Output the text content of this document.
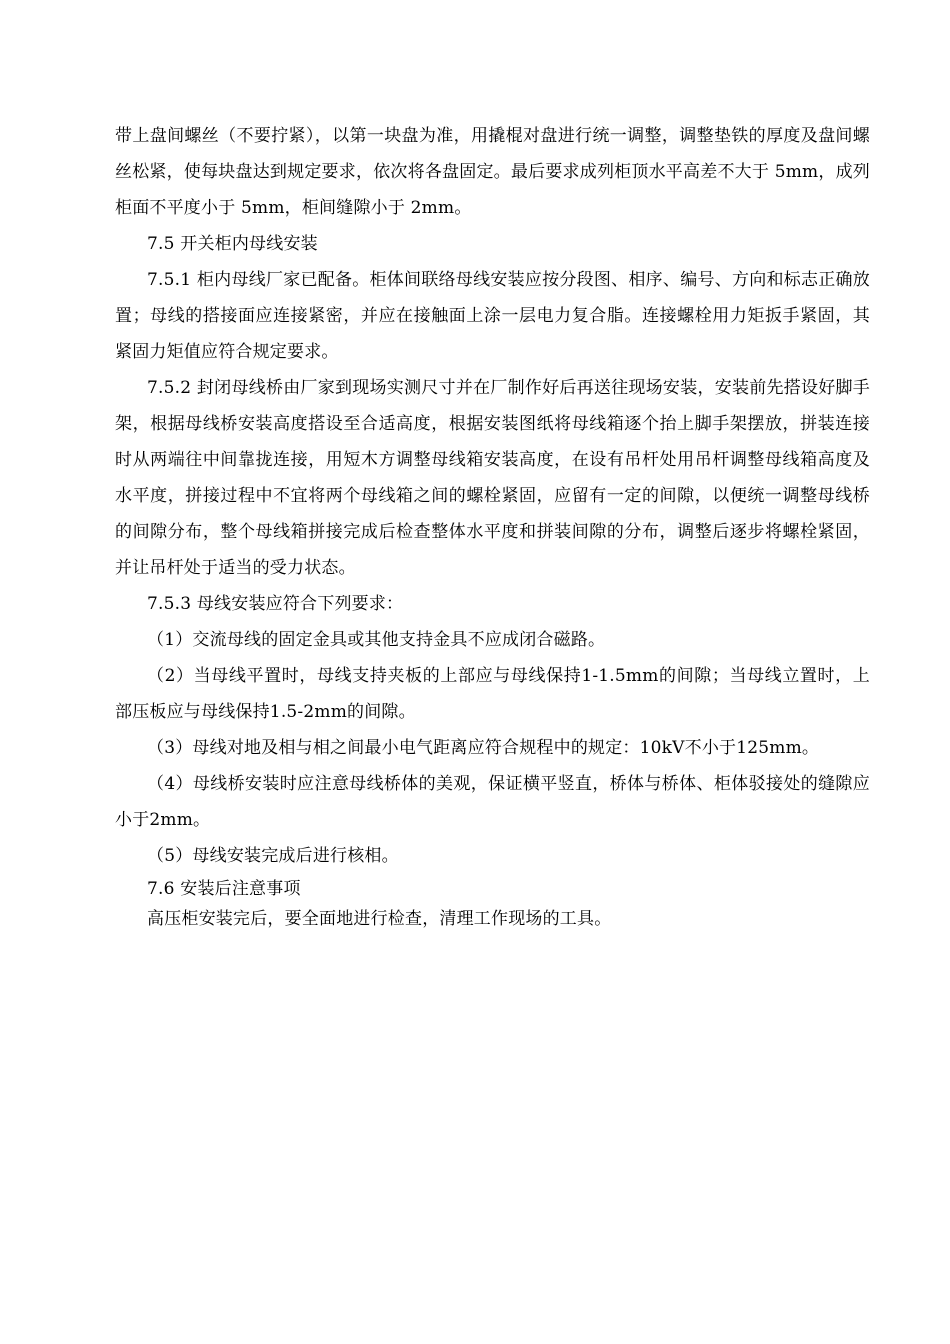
带上盘间螺丝（不要拧紧），以第一块盘为准，用撬棍对盘进行统一调整，调整垫铁的厚度及盘间螺丝松紧，使每块盘达到规定要求，依次将各盘固定。最后要求成列柜顶水平高差不大于 5mm，成列柜面不平度小于 5mm，柜间缝隙小于 2mm。

7.5 开关柜内母线安装

7.5.1 柜内母线厂家已配备。柜体间联络母线安装应按分段图、相序、编号、方向和标志正确放置；母线的搭接面应连接紧密，并应在接触面上涂一层电力复合脂。连接螺栓用力矩扳手紧固，其紧固力矩值应符合规定要求。

7.5.2 封闭母线桥由厂家到现场实测尺寸并在厂制作好后再送往现场安装，安装前先搭设好脚手架，根据母线桥安装高度搭设至合适高度，根据安装图纸将母线箱逐个抬上脚手架摆放，拼装连接时从两端往中间靠拢连接，用短木方调整母线箱安装高度，在设有吊杆处用吊杆调整母线箱高度及水平度，拼接过程中不宜将两个母线箱之间的螺栓紧固，应留有一定的间隙，以便统一调整母线桥的间隙分布，整个母线箱拼接完成后检查整体水平度和拼装间隙的分布，调整后逐步将螺栓紧固，并让吊杆处于适当的受力状态。

7.5.3 母线安装应符合下列要求：

（1）交流母线的固定金具或其他支持金具不应成闭合磁路。

（2）当母线平置时，母线支持夹板的上部应与母线保持1-1.5mm的间隙；当母线立置时，上部压板应与母线保持1.5-2mm的间隙。

（3）母线对地及相与相之间最小电气距离应符合规程中的规定：10kV不小于125mm。

（4）母线桥安装时应注意母线桥体的美观，保证横平竖直，桥体与桥体、柜体驳接处的缝隙应小于2mm。

（5）母线安装完成后进行核相。

7.6 安装后注意事项

高压柜安装完后，要全面地进行检查，清理工作现场的工具。
